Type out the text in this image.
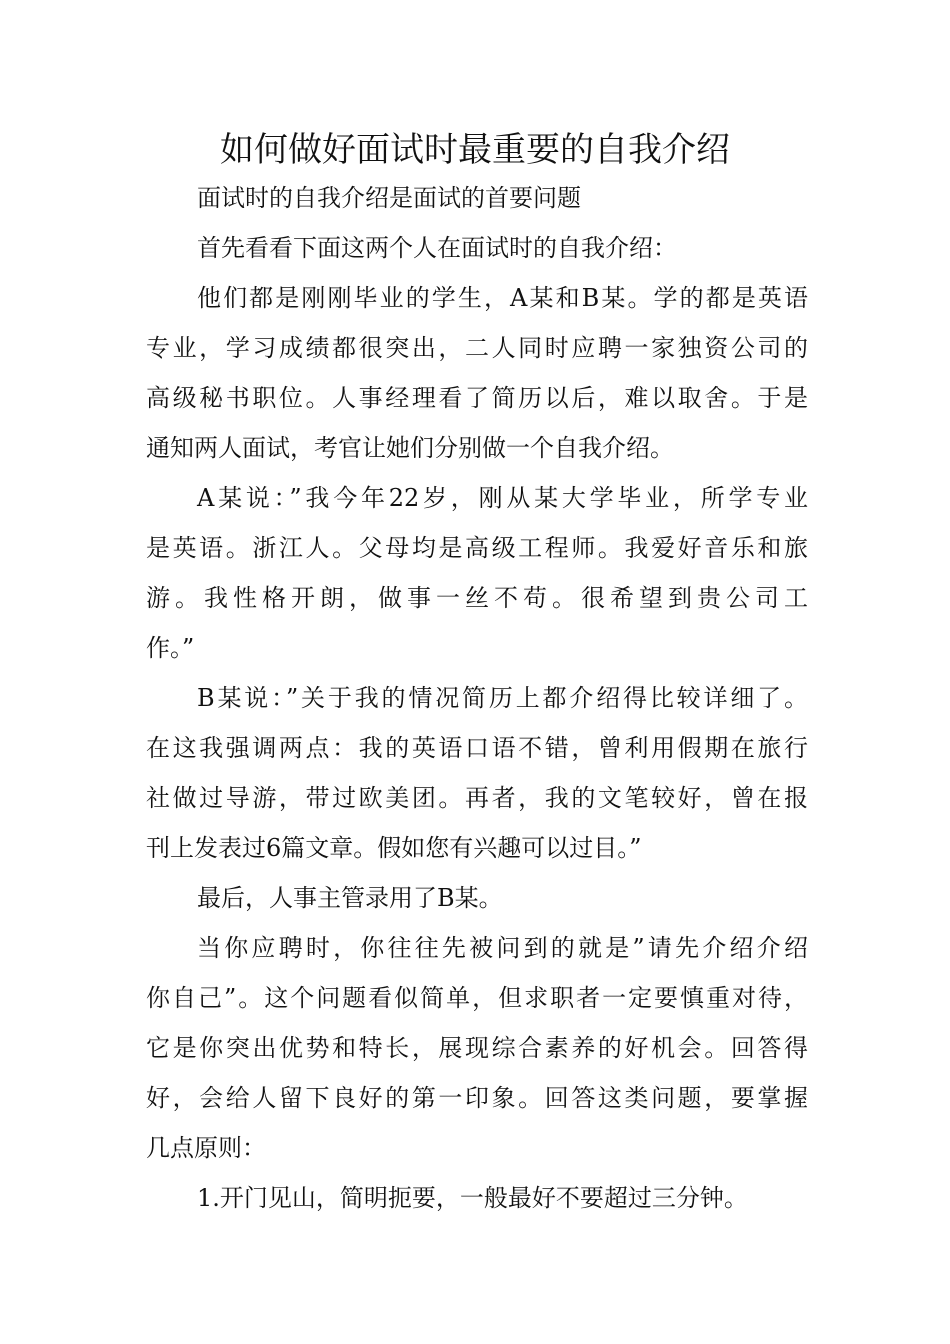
如何做好面试时最重要的自我介绍
面试时的自我介绍是面试的首要问题
首先看看下面这两个人在面试时的自我介绍：
他们都是刚刚毕业的学生，A某和B某。学的都是英语
专业，学习成绩都很突出，二人同时应聘一家独资公司的
高级秘书职位。人事经理看了简历以后，难以取舍。于是
通知两人面试，考官让她们分别做一个自我介绍。
A某说：”我今年22岁，刚从某大学毕业，所学专业
是英语。浙江人。父母均是高级工程师。我爱好音乐和旅
游。我性格开朗，做事一丝不苟。很希望到贵公司工
作。”
B某说：”关于我的情况简历上都介绍得比较详细了。
在这我强调两点：我的英语口语不错，曾利用假期在旅行
社做过导游，带过欧美团。再者，我的文笔较好，曾在报
刊上发表过6篇文章。假如您有兴趣可以过目。”
最后，人事主管录用了B某。
当你应聘时，你往往先被问到的就是”请先介绍介绍
你自己”。这个问题看似简单，但求职者一定要慎重对待，
它是你突出优势和特长，展现综合素养的好机会。回答得
好，会给人留下良好的第一印象。回答这类问题，要掌握
几点原则：
1.开门见山，简明扼要，一般最好不要超过三分钟。
